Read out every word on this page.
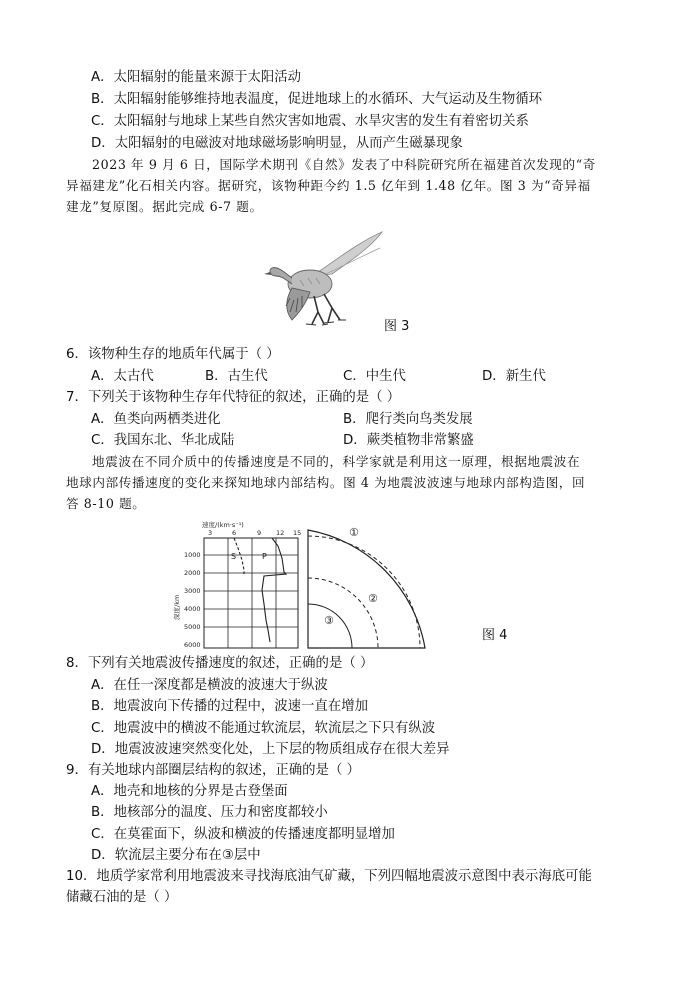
A．太阳辐射的能量来源于太阳活动
B．太阳辐射能够维持地表温度，促进地球上的水循环、大气运动及生物循环
C．太阳辐射与地球上某些自然灾害如地震、水旱灾害的发生有着密切关系
D．太阳辐射的电磁波对地球磁场影响明显，从而产生磁暴现象
2023 年 9 月 6 日，国际学术期刊《自然》发表了中科院研究所在福建首次发现的“奇
异福建龙”化石相关内容。据研究，该物种距今约 1.5 亿年到 1.48 亿年。图 3 为“奇异福
建龙”复原图。据此完成 6-7 题。
图 3
6．该物种生存的地质年代属于（ ）
A．太古代	B．古生代	C．中生代	D．新生代
7．下列关于该物种生存年代特征的叙述，正确的是（ ）
A．鱼类向两栖类进化	B．爬行类向鸟类发展
C．我国东北、华北成陆	D．蕨类植物非常繁盛
地震波在不同介质中的传播速度是不同的，科学家就是利用这一原理，根据地震波在
地球内部传播速度的变化来探知地球内部结构。图 4 为地震波波速与地球内部构造图，回
答 8-10 题。
速度/(km·s⁻¹)
3	6	9 12 15
1000
2000
3000
4000
5000
6000
深度/km
S	P
①
②
③
图 4
8．下列有关地震波传播速度的叙述，正确的是（ ）
A．在任一深度都是横波的波速大于纵波
B．地震波向下传播的过程中，波速一直在增加
C．地震波中的横波不能通过软流层，软流层之下只有纵波
D．地震波波速突然变化处，上下层的物质组成存在很大差异
9．有关地球内部圈层结构的叙述，正确的是（ ）
A．地壳和地核的分界是古登堡面
B．地核部分的温度、压力和密度都较小
C．在莫霍面下，纵波和横波的传播速度都明显增加
D．软流层主要分布在③层中
10．地质学家常利用地震波来寻找海底油气矿藏，下列四幅地震波示意图中表示海底可能
储藏石油的是（ ）
